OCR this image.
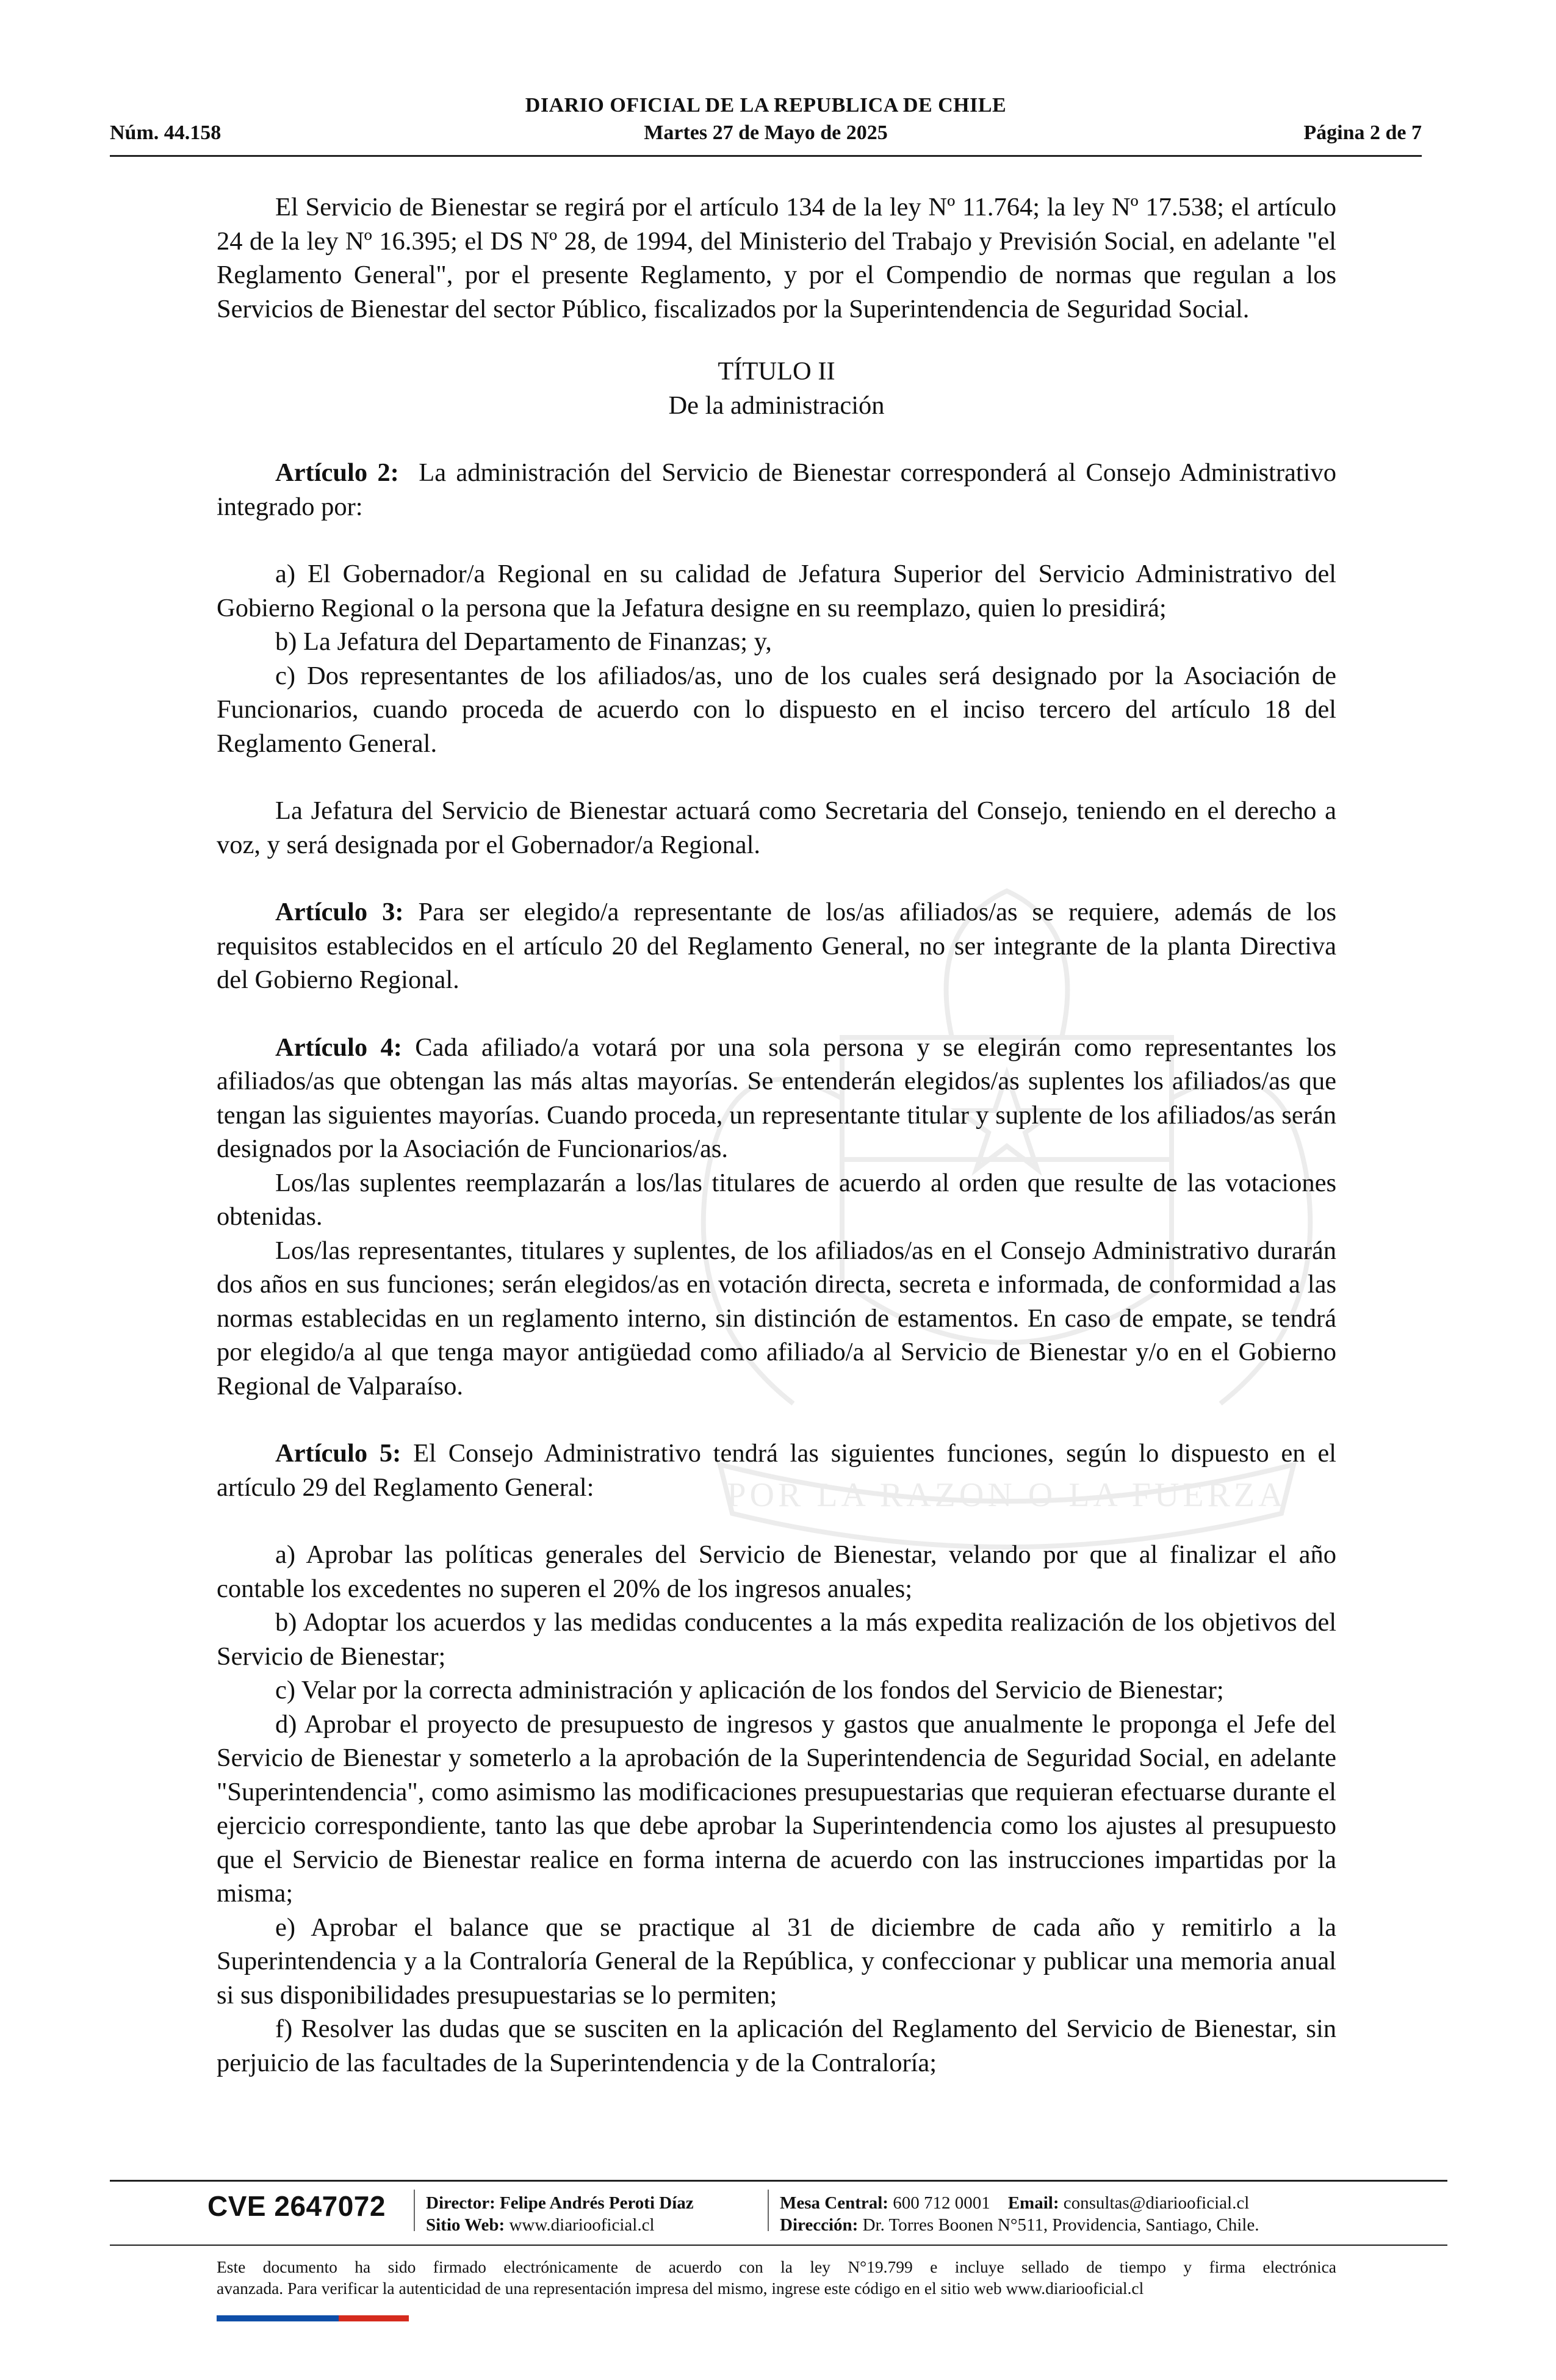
POR LA RAZON O LA FUERZA
DIARIO OFICIAL DE LA REPUBLICA DE CHILE
Núm. 44.158	Martes 27 de Mayo de 2025	Página 2 de 7

El Servicio de Bienestar se regirá por el artículo 134 de la ley Nº 11.764; la ley Nº 17.538; el artículo 24 de la ley Nº 16.395; el DS Nº 28, de 1994, del Ministerio del Trabajo y Previsión Social, en adelante "el Reglamento General", por el presente Reglamento, y por el Compendio de normas que regulan a los Servicios de Bienestar del sector Público, fiscalizados por la Superintendencia de Seguridad Social.

TÍTULO II

De la administración

Artículo 2: La administración del Servicio de Bienestar corresponderá al Consejo Administrativo integrado por:

a) El Gobernador/a Regional en su calidad de Jefatura Superior del Servicio Administrativo del Gobierno Regional o la persona que la Jefatura designe en su reemplazo, quien lo presidirá;

b) La Jefatura del Departamento de Finanzas; y,

c) Dos representantes de los afiliados/as, uno de los cuales será designado por la Asociación de Funcionarios, cuando proceda de acuerdo con lo dispuesto en el inciso tercero del artículo 18 del Reglamento General.

La Jefatura del Servicio de Bienestar actuará como Secretaria del Consejo, teniendo en el derecho a voz, y será designada por el Gobernador/a Regional.

Artículo 3: Para ser elegido/a representante de los/as afiliados/as se requiere, además de los requisitos establecidos en el artículo 20 del Reglamento General, no ser integrante de la planta Directiva del Gobierno Regional.

Artículo 4: Cada afiliado/a votará por una sola persona y se elegirán como representantes los afiliados/as que obtengan las más altas mayorías. Se entenderán elegidos/as suplentes los afiliados/as que tengan las siguientes mayorías. Cuando proceda, un representante titular y suplente de los afiliados/as serán designados por la Asociación de Funcionarios/as.

Los/las suplentes reemplazarán a los/las titulares de acuerdo al orden que resulte de las votaciones obtenidas.

Los/las representantes, titulares y suplentes, de los afiliados/as en el Consejo Administrativo durarán dos años en sus funciones; serán elegidos/as en votación directa, secreta e informada, de conformidad a las normas establecidas en un reglamento interno, sin distinción de estamentos. En caso de empate, se tendrá por elegido/a al que tenga mayor antigüedad como afiliado/a al Servicio de Bienestar y/o en el Gobierno Regional de Valparaíso.

Artículo 5: El Consejo Administrativo tendrá las siguientes funciones, según lo dispuesto en el artículo 29 del Reglamento General:

a) Aprobar las políticas generales del Servicio de Bienestar, velando por que al finalizar el año contable los excedentes no superen el 20% de los ingresos anuales;

b) Adoptar los acuerdos y las medidas conducentes a la más expedita realización de los objetivos del Servicio de Bienestar;

c) Velar por la correcta administración y aplicación de los fondos del Servicio de Bienestar;

d) Aprobar el proyecto de presupuesto de ingresos y gastos que anualmente le proponga el Jefe del Servicio de Bienestar y someterlo a la aprobación de la Superintendencia de Seguridad Social, en adelante "Superintendencia", como asimismo las modificaciones presupuestarias que requieran efectuarse durante el ejercicio correspondiente, tanto las que debe aprobar la Superintendencia como los ajustes al presupuesto que el Servicio de Bienestar realice en forma interna de acuerdo con las instrucciones impartidas por la misma;

e) Aprobar el balance que se practique al 31 de diciembre de cada año y remitirlo a la Superintendencia y a la Contraloría General de la República, y confeccionar y publicar una memoria anual si sus disponibilidades presupuestarias se lo permiten;

f) Resolver las dudas que se susciten en la aplicación del Reglamento del Servicio de Bienestar, sin perjuicio de las facultades de la Superintendencia y de la Contraloría;

CVE 2647072 Director: Felipe Andrés Peroti Díaz
Sitio Web: www.diariooficial.cl
Mesa Central: 600 712 0001 Email: consultas@diariooficial.cl
Dirección: Dr. Torres Boonen N°511, Providencia, Santiago, Chile.
Este documento ha sido firmado electrónicamente de acuerdo con la ley N°19.799 e incluye sellado de tiempo y firma electrónica
avanzada. Para verificar la autenticidad de una representación impresa del mismo, ingrese este código en el sitio web www.diariooficial.cl
